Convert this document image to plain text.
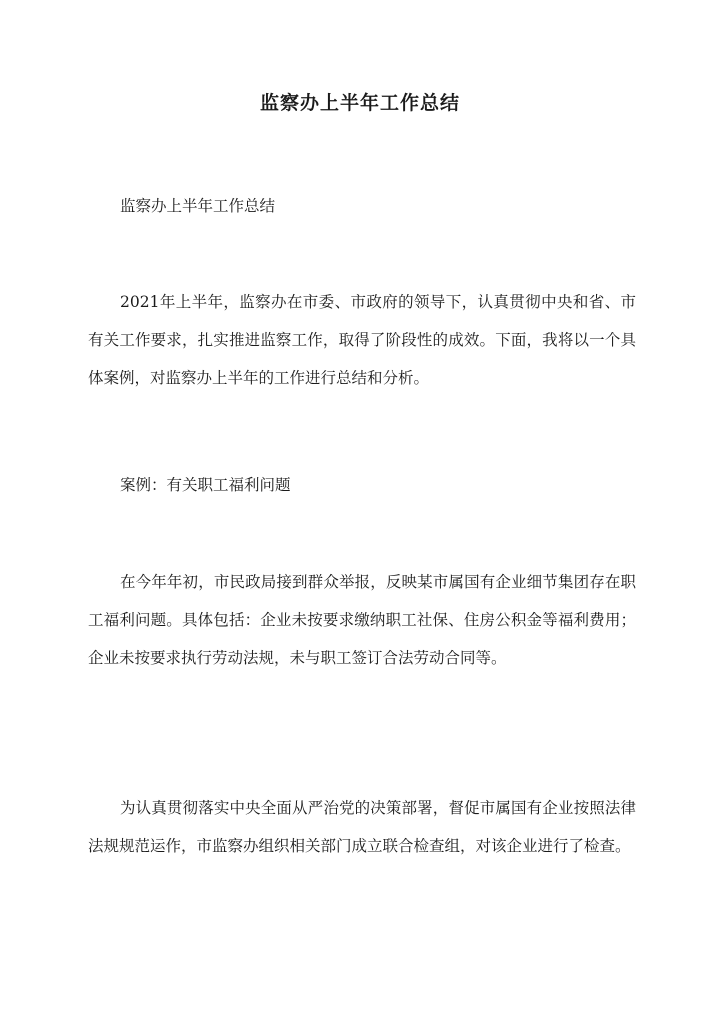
监察办上半年工作总结

监察办上半年工作总结

2021年上半年，监察办在市委、市政府的领导下，认真贯彻中央和省、市有关工作要求，扎实推进监察工作，取得了阶段性的成效。下面，我将以一个具体案例，对监察办上半年的工作进行总结和分析。

案例：有关职工福利问题

在今年年初，市民政局接到群众举报，反映某市属国有企业细节集团存在职工福利问题。具体包括：企业未按要求缴纳职工社保、住房公积金等福利费用；企业未按要求执行劳动法规，未与职工签订合法劳动合同等。

为认真贯彻落实中央全面从严治党的决策部署，督促市属国有企业按照法律法规规范运作，市监察办组织相关部门成立联合检查组，对该企业进行了检查。
